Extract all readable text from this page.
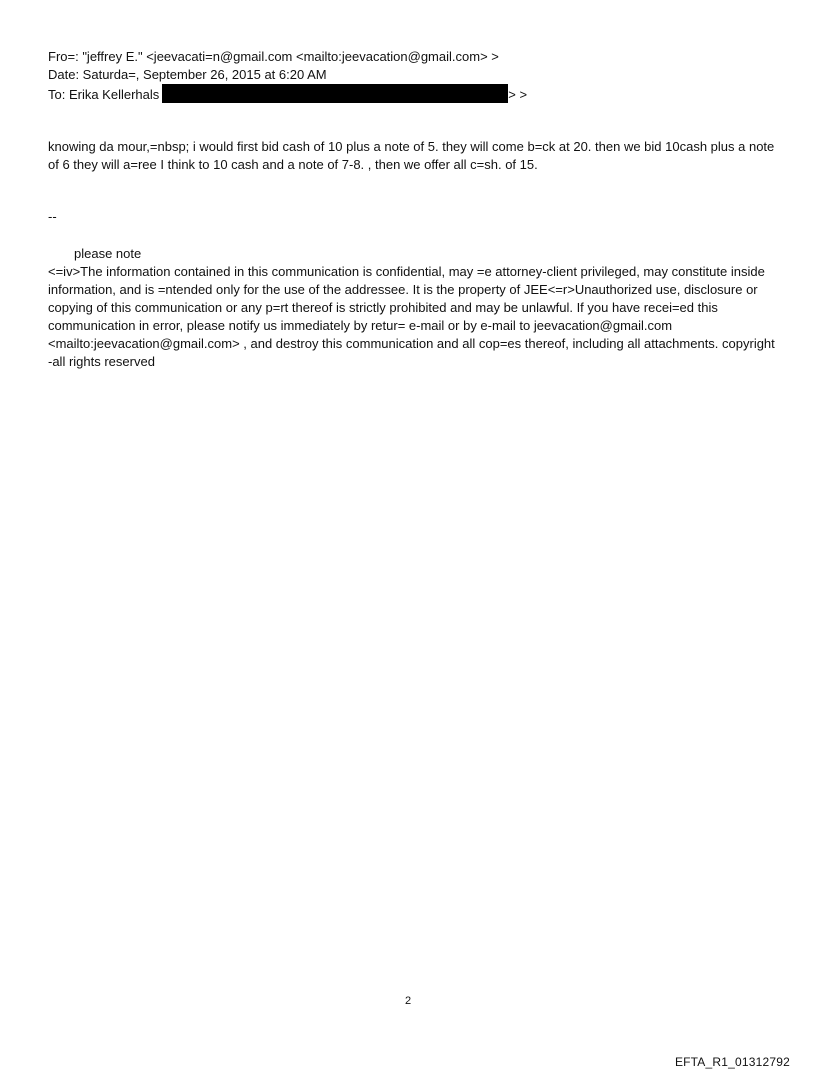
Fro=: "jeffrey E." <jeevacati=n@gmail.com <mailto:jeevacation@gmail.com> >
Date: Saturda=, September 26, 2015 at 6:20 AM
To: Erika Kellerhals	> >
knowing da mour,=nbsp; i would first bid cash of 10 plus a note of 5. they will come b=ck at 20. then we bid 10cash plus a note of 6 they will a=ree I think to 10 cash and a note of 7-8. , then we offer all c=sh. of 15.
--
please note
<=iv>The information contained in this communication is confidential, may =e attorney-client privileged, may constitute inside information, and is =ntended only for the use of the addressee. It is the property of JEE<=r>Unauthorized use, disclosure or copying of this communication or any p=rt thereof is strictly prohibited and may be unlawful. If you have recei=ed this communication in error, please notify us immediately by retur= e-mail or by e-mail to jeevacation@gmail.com <mailto:jeevacation@gmail.com> , and destroy this communication and all cop=es thereof, including all attachments. copyright -all rights reserved
2
EFTA_R1_01312792
